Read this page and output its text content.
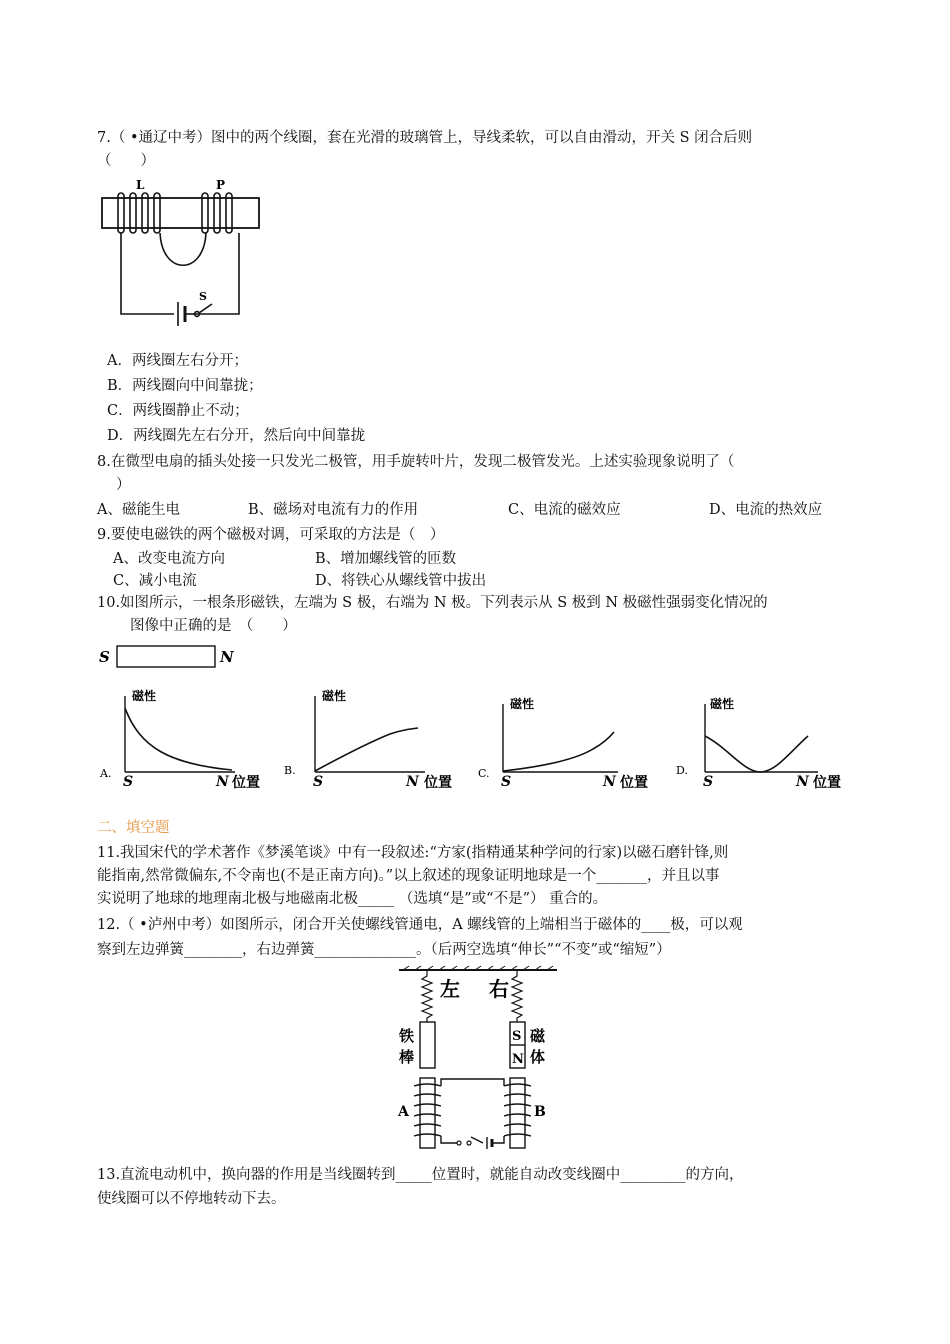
7.（ •通辽中考）图中的两个线圈，套在光滑的玻璃管上，导线柔软，可以自由滑动，开关 S 闭合后则
（　　）
L	P
S
A．两线圈左右分开；
B．两线圈向中间靠拢；
C．两线圈静止不动；
D．两线圈先左右分开，然后向中间靠拢
8.在微型电扇的插头处接一只发光二极管，用手旋转叶片，发现二极管发光。上述实验现象说明了（
）
A、磁能生电	B、磁场对电流有力的作用	C、电流的磁效应	D、电流的热效应
9.要使电磁铁的两个磁极对调，可采取的方法是（　）
A、改变电流方向	B、增加螺线管的匝数
C、减小电流	D、将铁心从螺线管中拔出
10.如图所示，一根条形磁铁，左端为 S 极，右端为 N 极。下列表示从 S 极到 N 极磁性强弱变化情况的
图像中正确的是　（　　）
S	N
A.
磁性
S	N 位置
B.
磁性
S	N 位置
C.
磁性
S	N 位置
D.
磁性
S	N 位置
二、填空题
11.我国宋代的学术著作《梦溪笔谈》中有一段叙述:“方家(指精通某种学问的行家)以磁石磨针锋,则
能指南,然常微偏东,不令南也(不是正南方向)。”以上叙述的现象证明地球是一个_______，并且以事
实说明了地球的地理南北极与地磁南北极_____ （选填“是”或“不是”） 重合的。
12.（ •泸州中考）如图所示，闭合开关使螺线管通电，A 螺线管的上端相当于磁体的____极，可以观
察到左边弹簧________，右边弹簧______________。（后两空选填“伸长”“不变”或“缩短”）
左 右
铁
棒
S
N
磁
体
A	B
13.直流电动机中，换向器的作用是当线圈转到_____位置时，就能自动改变线圈中_________的方向，
使线圈可以不停地转动下去。
